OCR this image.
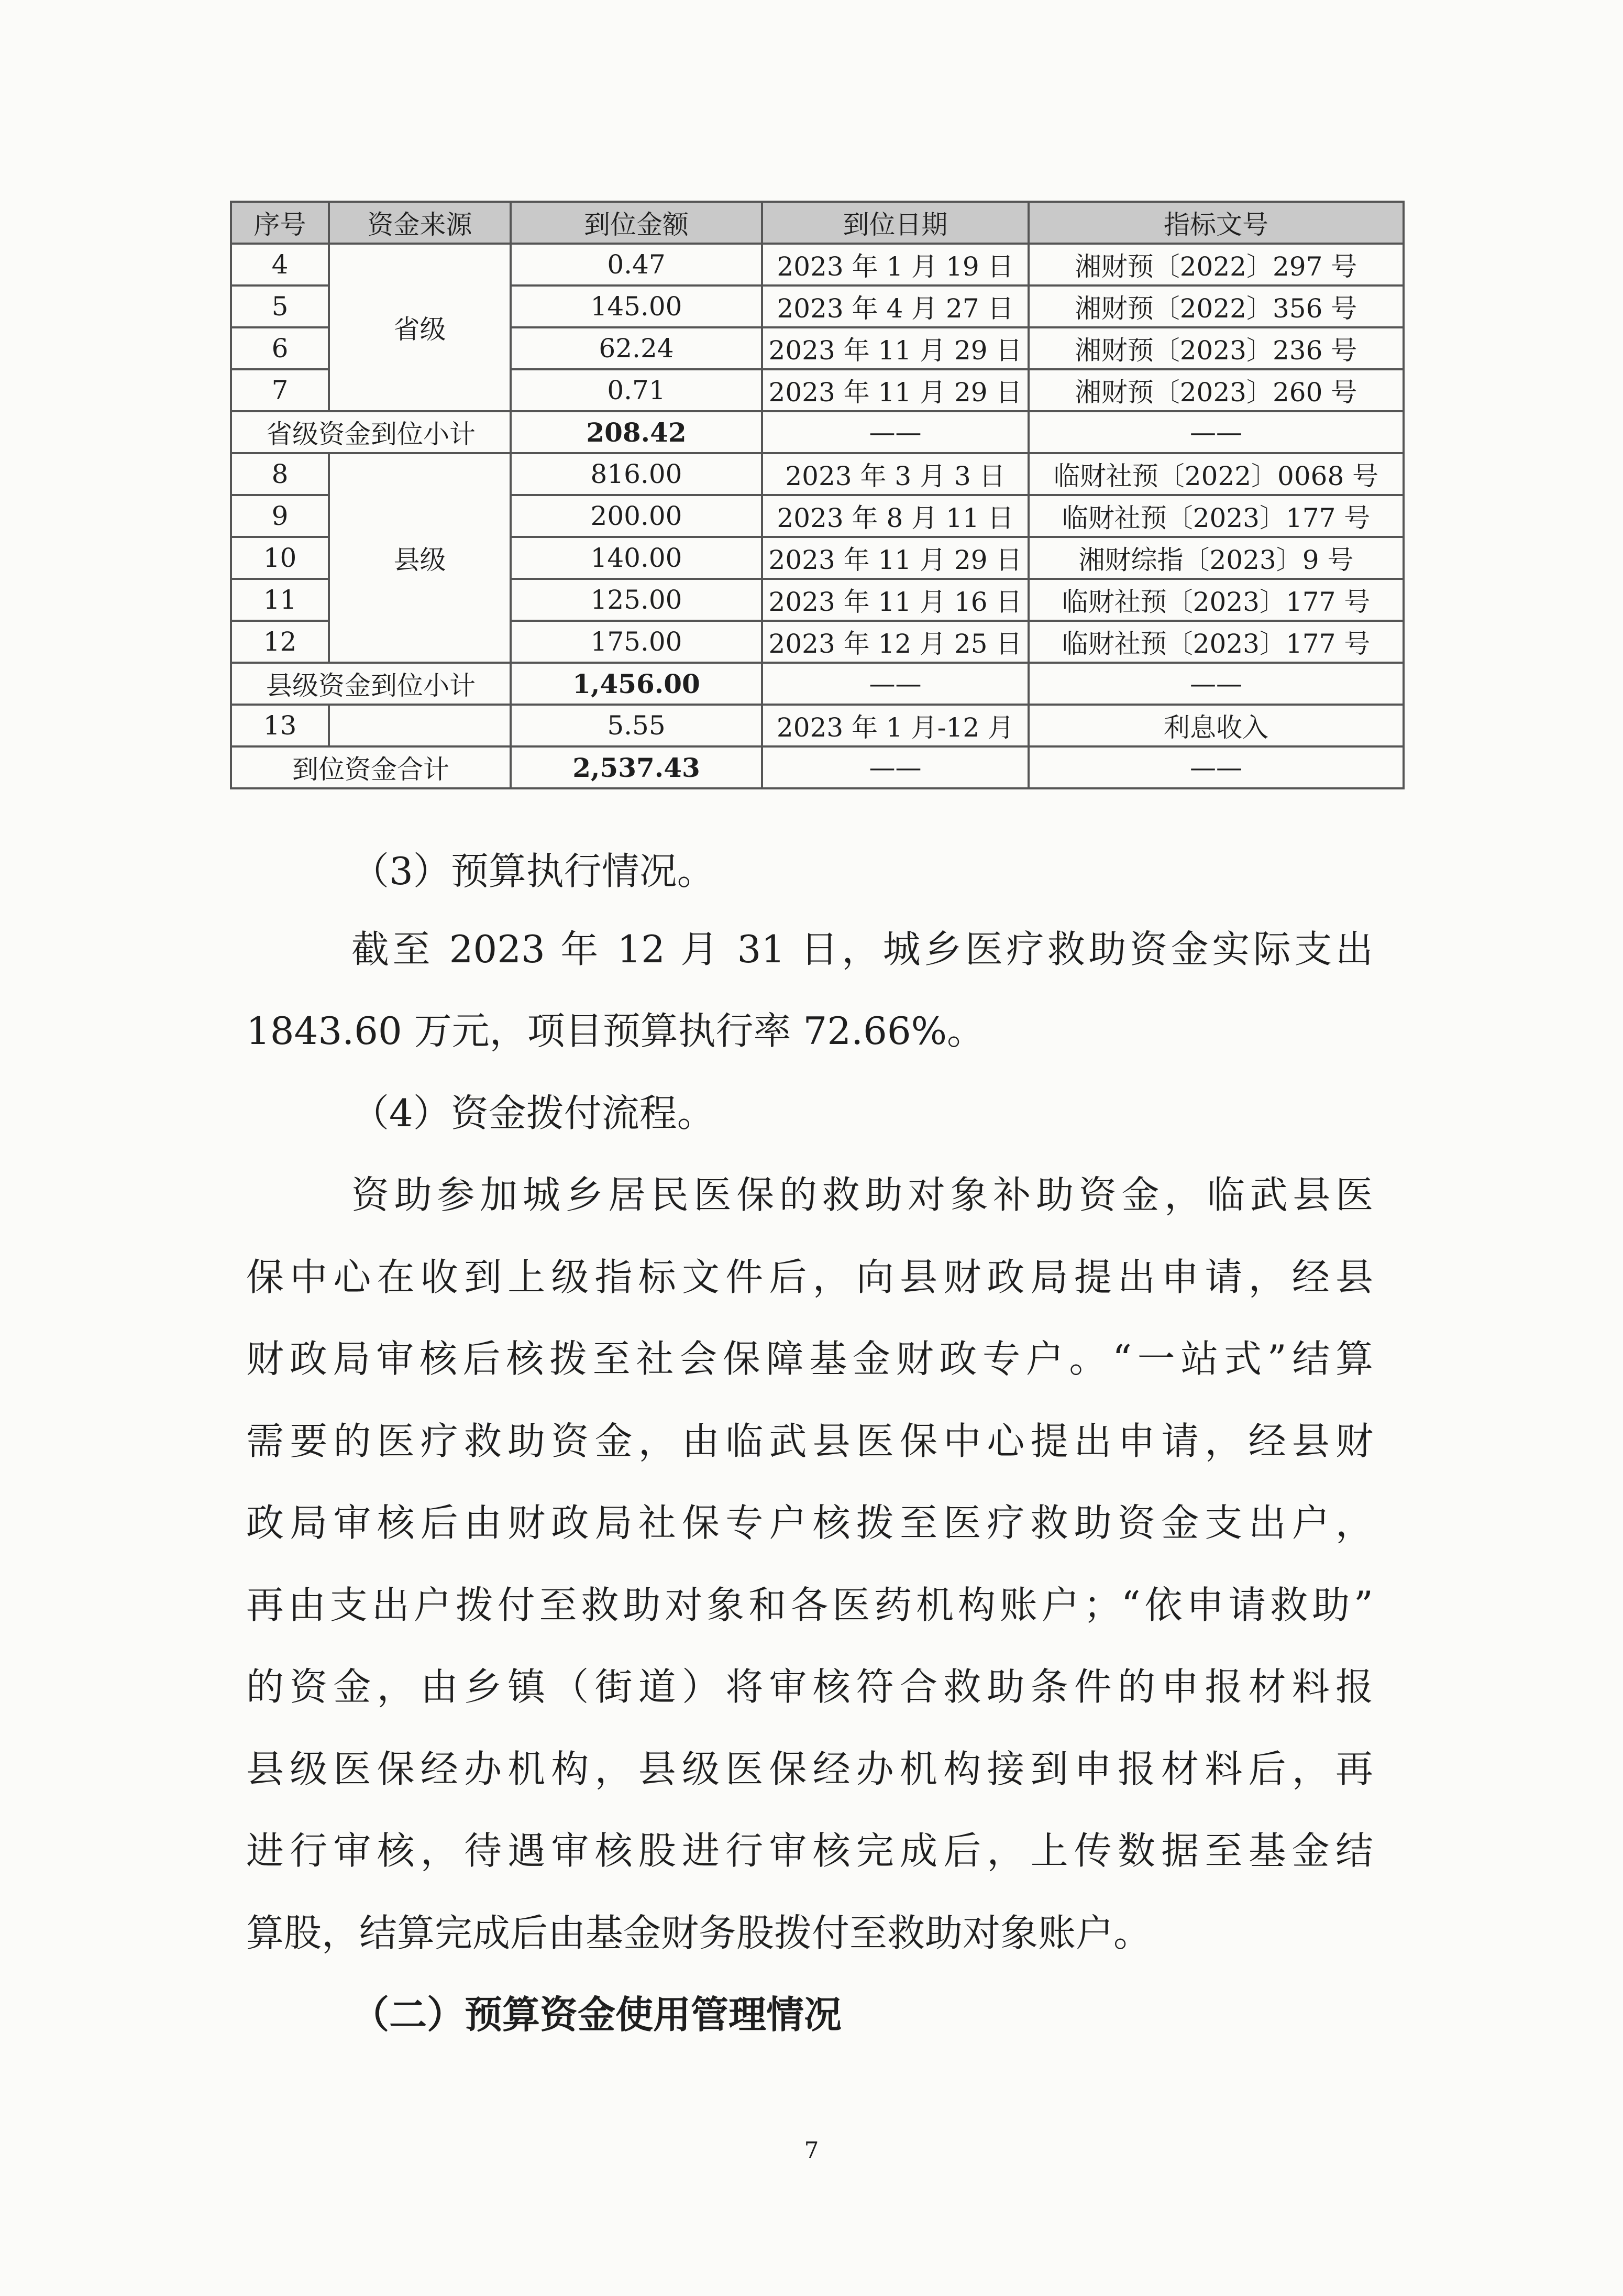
序号	资金来源	到位金额	到位日期	指标文号
4	省级	0.47	2023 年 1 月 19 日	湘财预〔2022〕297 号
5		145.00	2023 年 4 月 27 日	湘财预〔2022〕356 号
6		62.24	2023 年 11 月 29 日	湘财预〔2023〕236 号
7		0.71	2023 年 11 月 29 日	湘财预〔2023〕260 号
省级资金到位小计		208.42	——	——
8	县级	816.00	2023 年 3 月 3 日	临财社预〔2022〕0068 号
9		200.00	2023 年 8 月 11 日	临财社预〔2023〕177 号
10		140.00	2023 年 11 月 29 日	湘财综指〔2023〕9 号
11		125.00	2023 年 11 月 16 日	临财社预〔2023〕177 号
12		175.00	2023 年 12 月 25 日	临财社预〔2023〕177 号
县级资金到位小计		1,456.00	——	——
13		5.55	2023 年 1 月-12 月	利息收入
到位资金合计		2,537.43	——	——
（3）预算执行情况。
截至 2023 年 12 月 31 日，城乡医疗救助资金实际支出
1843.60 万元，项目预算执行率 72.66%。
（4）资金拨付流程。
资助参加城乡居民医保的救助对象补助资金，临武县医
保中心在收到上级指标文件后，向县财政局提出申请，经县
财政局审核后核拨至社会保障基金财政专户。“一站式”结算
需要的医疗救助资金，由临武县医保中心提出申请，经县财
政局审核后由财政局社保专户核拨至医疗救助资金支出户，
再由支出户拨付至救助对象和各医药机构账户；“依申请救助”
的资金，由乡镇（街道）将审核符合救助条件的申报材料报
县级医保经办机构，县级医保经办机构接到申报材料后，再
进行审核，待遇审核股进行审核完成后，上传数据至基金结
算股，结算完成后由基金财务股拨付至救助对象账户。
（二）预算资金使用管理情况
7
